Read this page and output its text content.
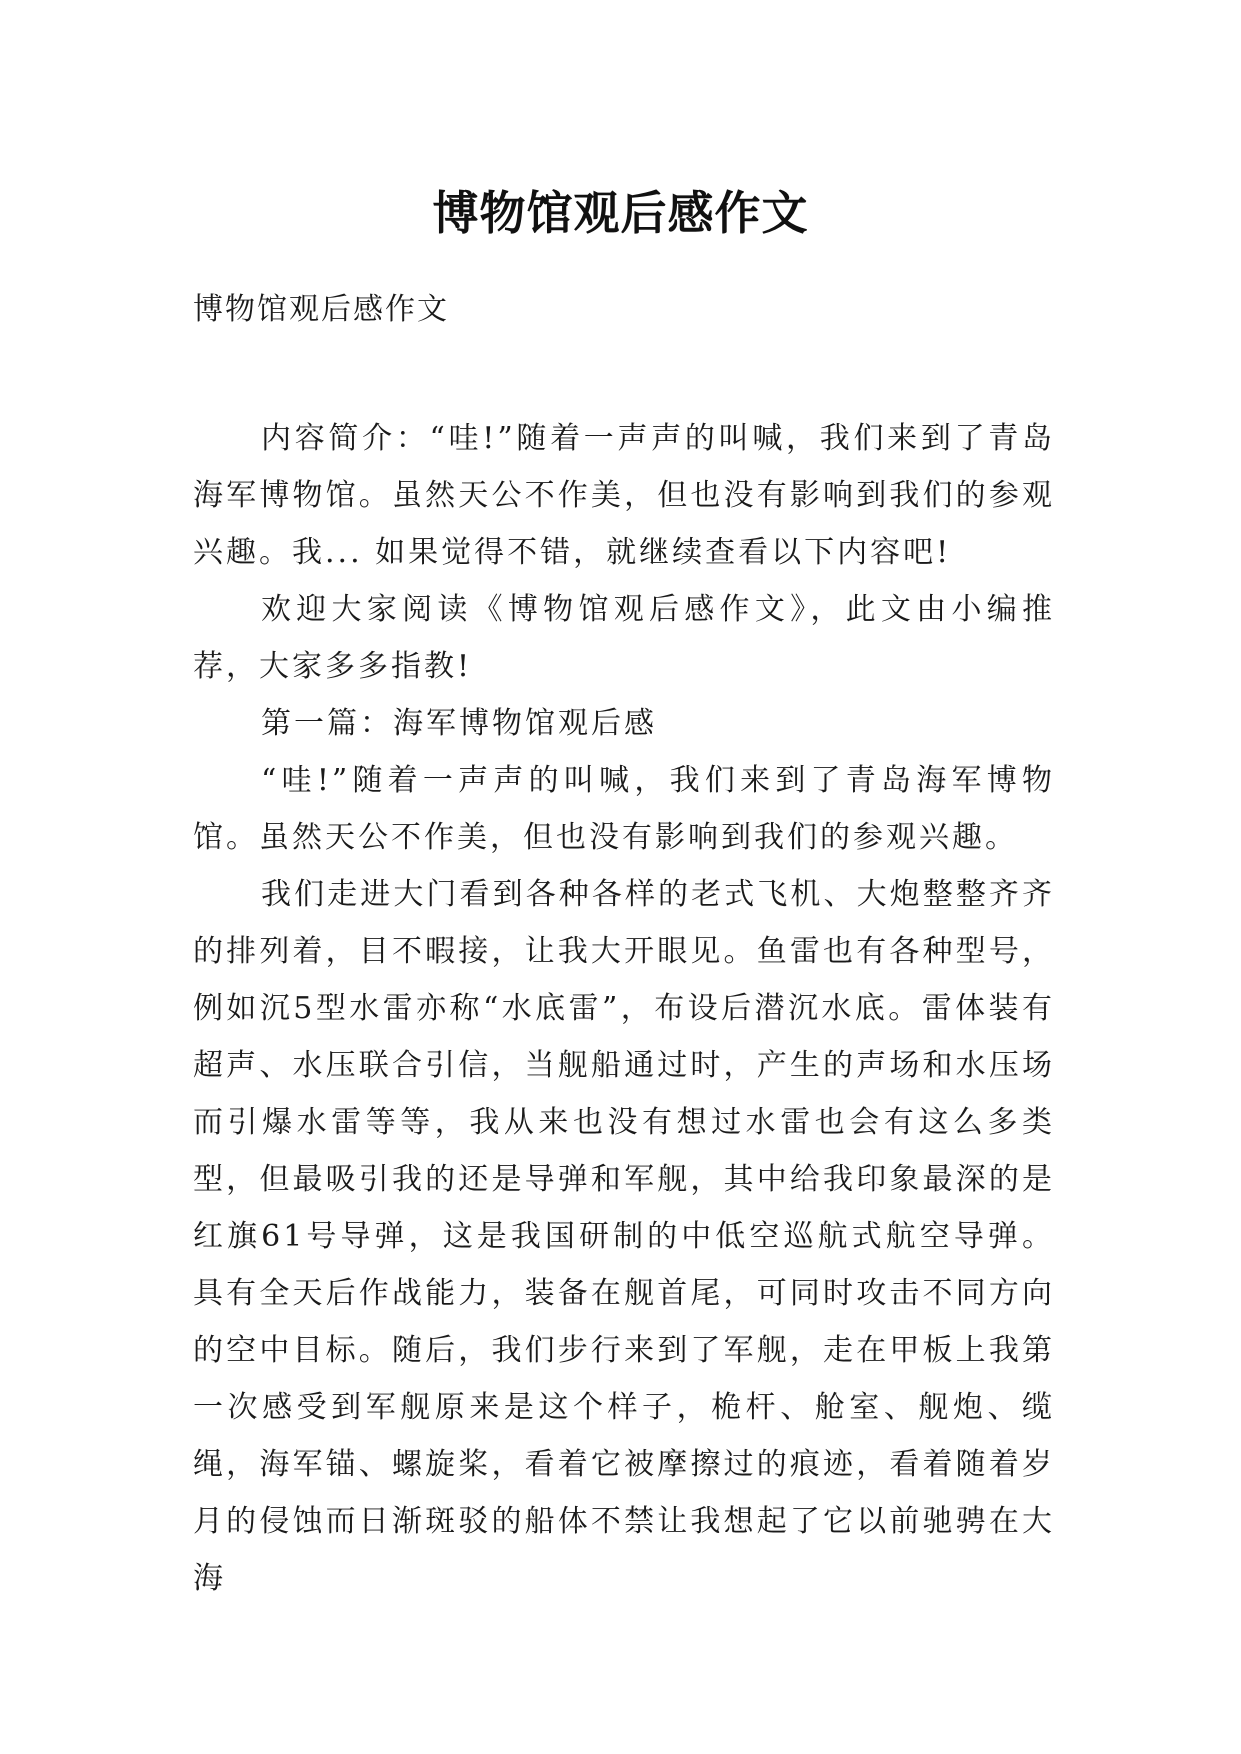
博物馆观后感作文
博物馆观后感作文

内容简介：“哇!”随着一声声的叫喊，我们来到了青岛海军博物馆。虽然天公不作美，但也没有影响到我们的参观兴趣。我... 如果觉得不错，就继续查看以下内容吧!

欢迎大家阅读《博物馆观后感作文》，此文由小编推荐，大家多多指教!

第一篇：海军博物馆观后感

“哇!”随着一声声的叫喊，我们来到了青岛海军博物馆。虽然天公不作美，但也没有影响到我们的参观兴趣。

我们走进大门看到各种各样的老式飞机、大炮整整齐齐的排列着，目不暇接，让我大开眼见。鱼雷也有各种型号，例如沉5型水雷亦称“水底雷”，布设后潜沉水底。雷体装有超声、水压联合引信，当舰船通过时，产生的声场和水压场而引爆水雷等等，我从来也没有想过水雷也会有这么多类型，但最吸引我的还是导弹和军舰，其中给我印象最深的是红旗61号导弹，这是我国研制的中低空巡航式航空导弹。具有全天后作战能力，装备在舰首尾，可同时攻击不同方向的空中目标。随后，我们步行来到了军舰，走在甲板上我第一次感受到军舰原来是这个样子，桅杆、舱室、舰炮、缆绳，海军锚、螺旋桨，看着它被摩擦过的痕迹，看着随着岁月的侵蚀而日渐斑驳的船体不禁让我想起了它以前驰骋在大海
